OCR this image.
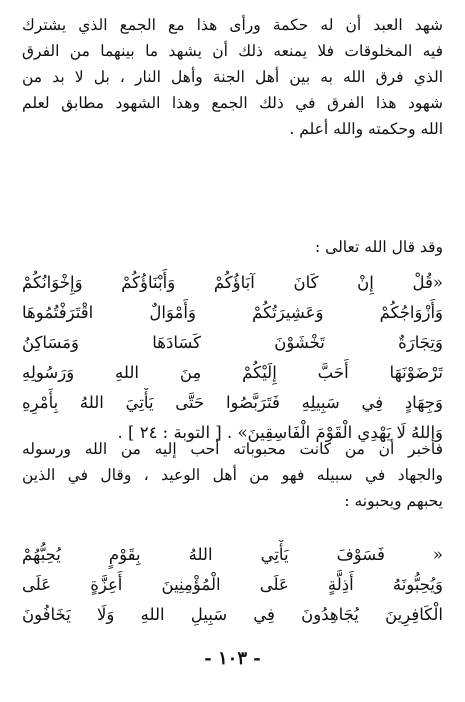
شهد العبد أن له حكمة ورأى هذا مع الجمع الذي يشترك
فيه المخلوقات فلا يمنعه ذلك أن يشهد ما بينهما من الفرق
الذي فرق الله به بين أهل الجنة وأهل النار ، بل لا بد من
شهود هذا الفرق في ذلك الجمع وهذا الشهود مطابق لعلم
الله وحكمته والله أعلم .
وقد قال الله تعالى :
«قُلْ إِنْ كَانَ آبَاؤُكُمْ وَأَبْنَاؤُكُمْ وَإِخْوَانُكُمْ
وَأَزْوَاجُكُمْ وَعَشِيرَتُكُمْ وَأَمْوَالٌ اقْتَرَفْتُمُوهَا
وَتِجَارَةٌ تَخْشَوْنَ كَسَادَهَا وَمَسَاكِنُ
تَرْضَوْنَهَا أَحَبَّ إِلَيْكُمْ مِنَ اللهِ وَرَسُولِهِ
وَجِهَادٍ فِي سَبِيلِهِ فَتَرَبَّصُوا حَتَّى يَأْتِيَ اللهُ بِأَمْرِهِ
وَاللهُ لَا يَهْدِي الْقَوْمَ الْفَاسِقِينَ» . [ التوبة : ٢٤ ] .
فأخبر أن من كانت محبوباته أحب إليه من الله ورسوله
والجهاد في سبيله فهو من أهل الوعيد ، وقال في الذين
يحبهم ويحبونه :
« فَسَوْفَ يَأْتِي اللهُ بِقَوْمٍ يُحِبُّهُمْ
وَيُحِبُّونَهُ أَذِلَّةٍ عَلَى الْمُؤْمِنِينَ أَعِزَّةٍ عَلَى
الْكَافِرِينَ يُجَاهِدُونَ فِي سَبِيلِ اللهِ وَلَا يَخَافُونَ
- ١٠٣ -
